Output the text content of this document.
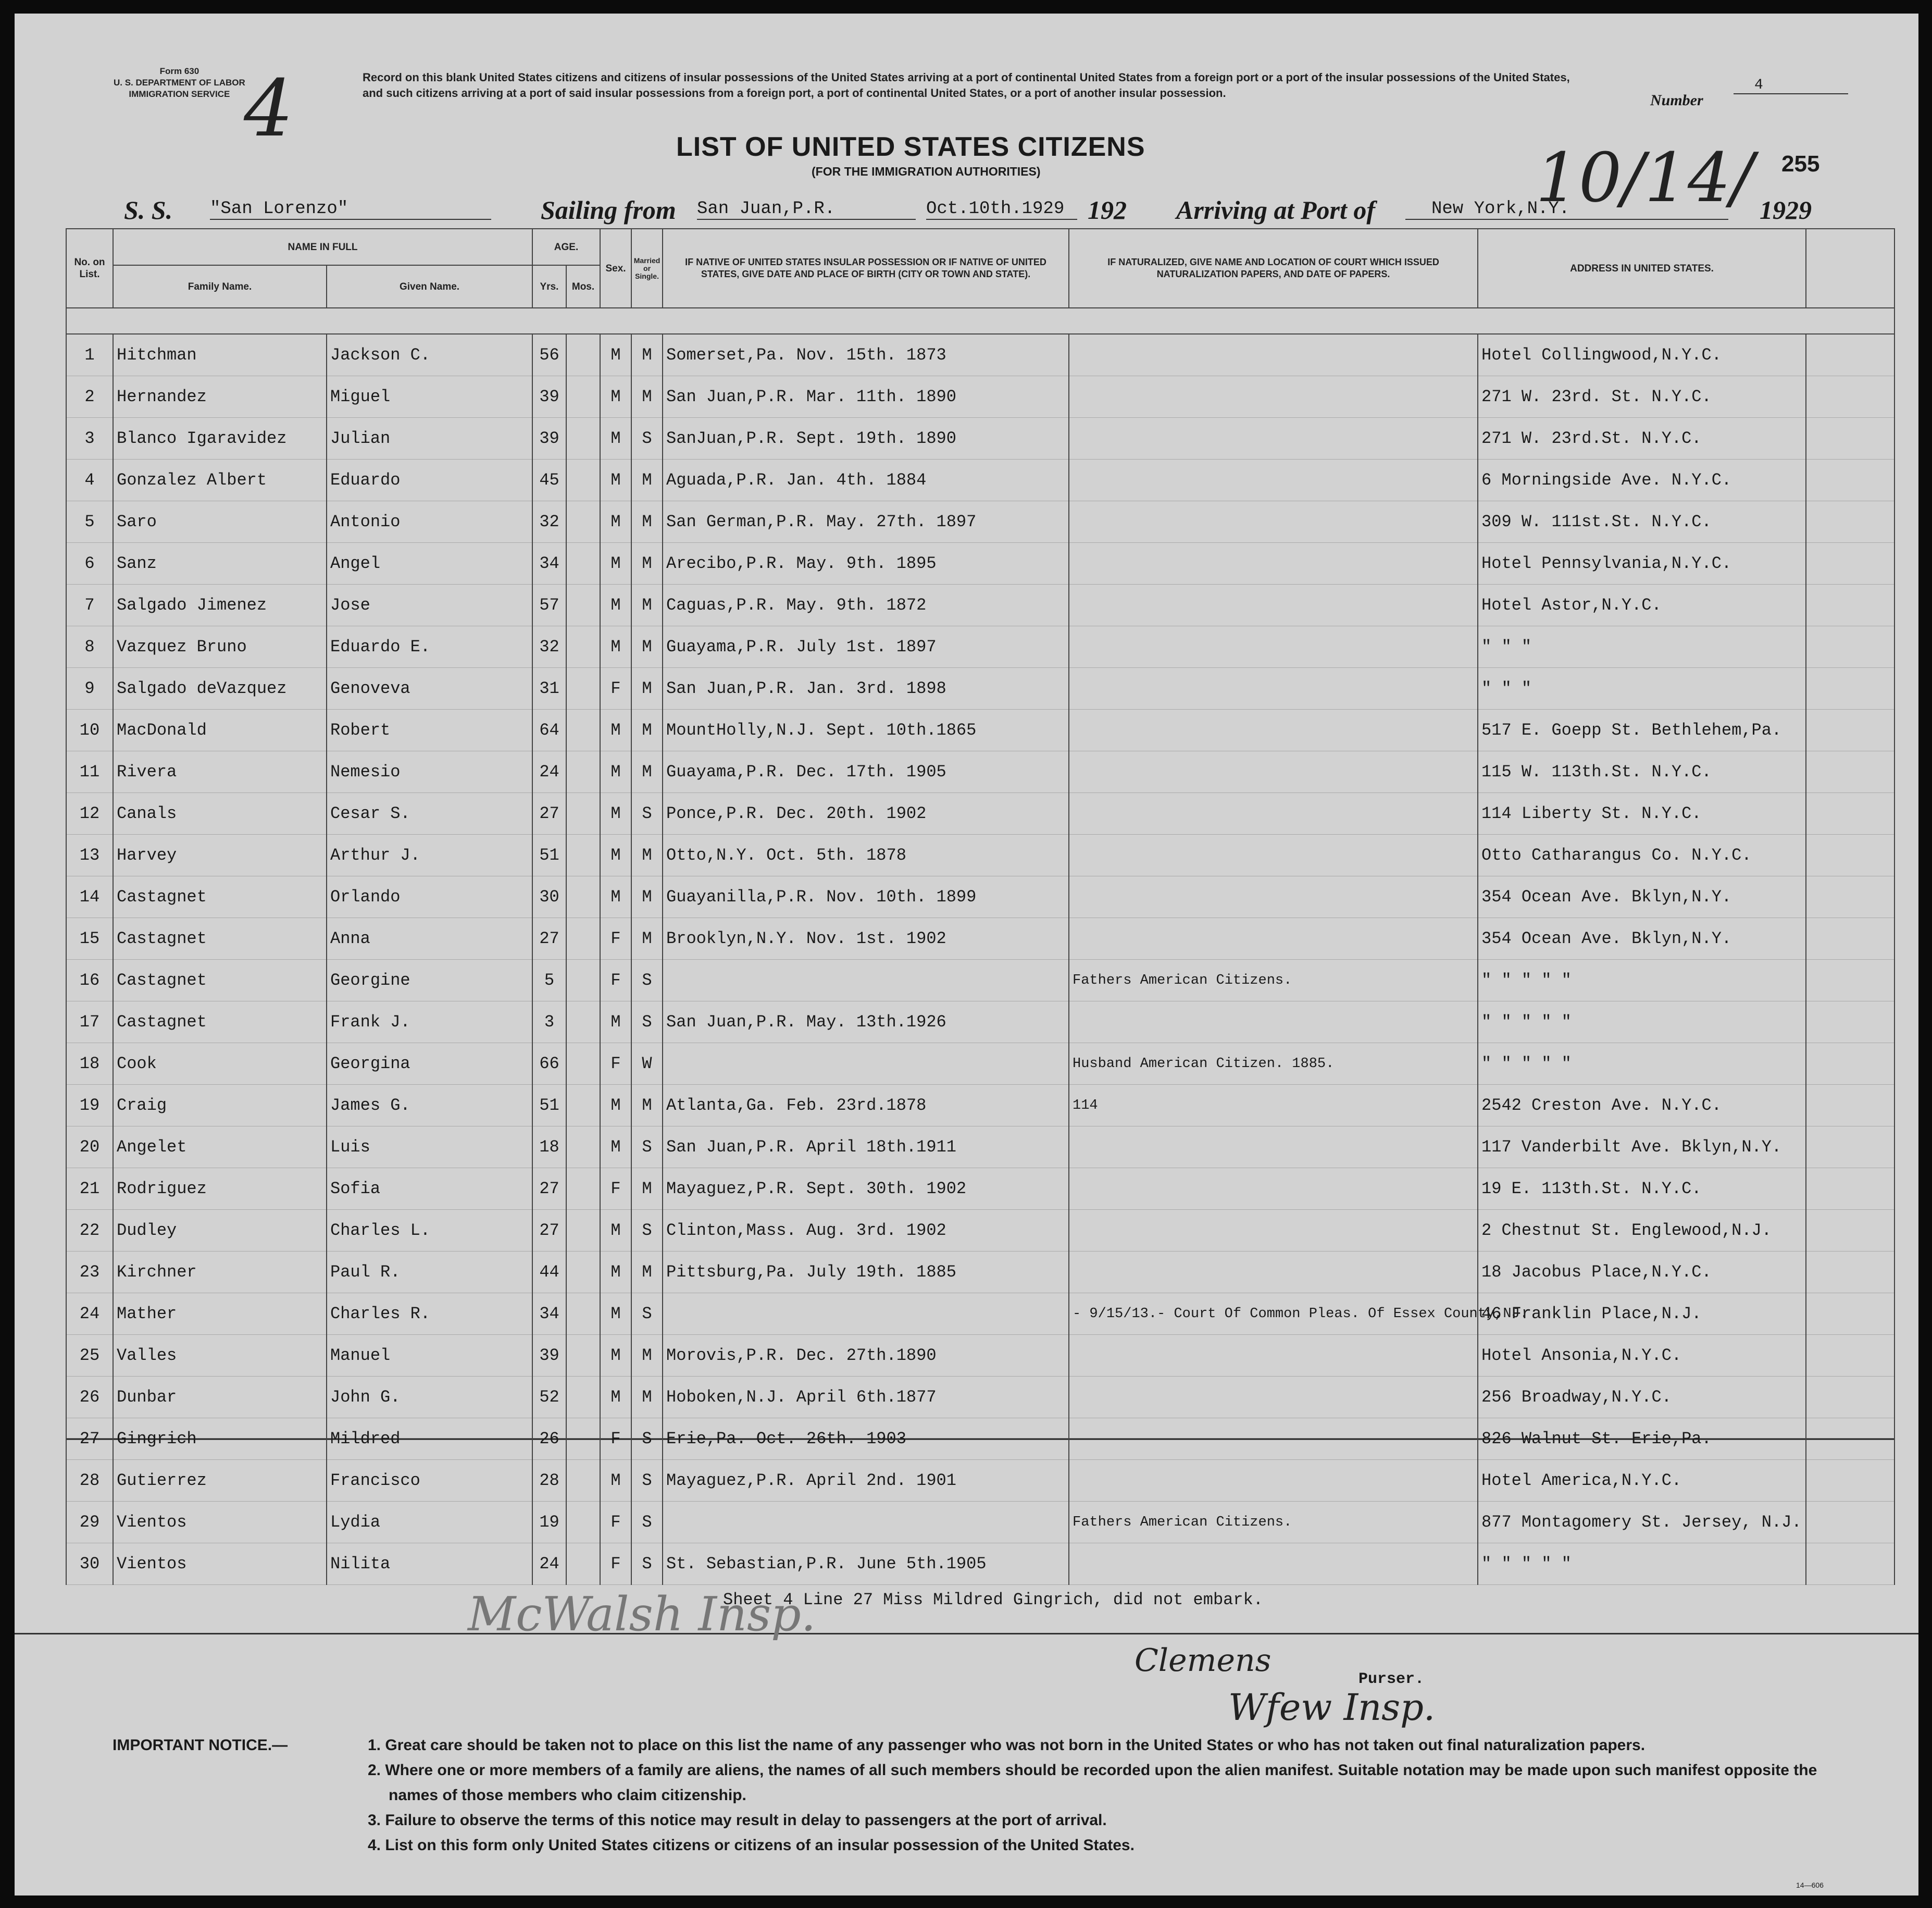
Form 630
U. S. DEPARTMENT OF LABOR
IMMIGRATION SERVICE 4	Record on this blank United States citizens and citizens of insular possessions of the United States arriving at a port of continental United States from a foreign port or a port of the insular possessions of the United States, and such citizens arriving at a port of said insular possessions from a foreign port, a port of continental United States, or a port of another insular possession.	Number
4
LIST OF UNITED STATES CITIZENS
(FOR THE IMMIGRATION AUTHORITIES)	255
10/14/
S. S. "San Lorenzo"	Sailing from San Juan,P.R.	Oct.10th.1929 192 Arriving at Port of	New York,N.Y.	1929
No. on List.	NAME IN FULL		AGE.		Sex.	Married or Single.	IF NATIVE OF UNITED STATES INSULAR POSSESSION OR IF NATIVE OF UNITED STATES, GIVE DATE AND PLACE OF BIRTH (CITY OR TOWN AND STATE).	IF NATURALIZED, GIVE NAME AND LOCATION OF COURT WHICH ISSUED NATURALIZATION PAPERS, AND DATE OF PAPERS.	ADDRESS IN UNITED STATES.	
	Family Name.	Given Name.	Yrs.	Mos.						

1	Hitchman	Jackson C.	56		M	M	Somerset,Pa. Nov. 15th. 1873		Hotel Collingwood,N.Y.C.	
2	Hernandez	Miguel	39		M	M	San Juan,P.R. Mar. 11th. 1890		271 W. 23rd. St. N.Y.C.	
3	Blanco Igaravidez	Julian	39		M	S	SanJuan,P.R. Sept. 19th. 1890		271 W. 23rd.St. N.Y.C.	
4	Gonzalez Albert	Eduardo	45		M	M	Aguada,P.R. Jan. 4th. 1884		6 Morningside Ave. N.Y.C.	
5	Saro	Antonio	32		M	M	San German,P.R. May. 27th. 1897		309 W. 111st.St. N.Y.C.	
6	Sanz	Angel	34		M	M	Arecibo,P.R. May. 9th. 1895		Hotel Pennsylvania,N.Y.C.	
7	Salgado Jimenez	Jose	57		M	M	Caguas,P.R. May. 9th. 1872		Hotel Astor,N.Y.C.	
8	Vazquez Bruno	Eduardo E.	32		M	M	Guayama,P.R. July 1st. 1897		" " "	
9	Salgado deVazquez	Genoveva	31		F	M	San Juan,P.R. Jan. 3rd. 1898		" " "	
10	MacDonald	Robert	64		M	M	MountHolly,N.J. Sept. 10th.1865		517 E. Goepp St. Bethlehem,Pa.	
11	Rivera	Nemesio	24		M	M	Guayama,P.R. Dec. 17th. 1905		115 W. 113th.St. N.Y.C.	
12	Canals	Cesar S.	27		M	S	Ponce,P.R. Dec. 20th. 1902		114 Liberty St. N.Y.C.	
13	Harvey	Arthur J.	51		M	M	Otto,N.Y. Oct. 5th. 1878		Otto Catharangus Co. N.Y.C.	
14	Castagnet	Orlando	30		M	M	Guayanilla,P.R. Nov. 10th. 1899		354 Ocean Ave. Bklyn,N.Y.	
15	Castagnet	Anna	27		F	M	Brooklyn,N.Y. Nov. 1st. 1902		354 Ocean Ave. Bklyn,N.Y.	
16	Castagnet	Georgine	5		F	S		Fathers American Citizens.	" " " " "	
17	Castagnet	Frank J.	3		M	S	San Juan,P.R. May. 13th.1926		" " " " "	
18	Cook	Georgina	66		F	W		Husband American Citizen. 1885.	" " " " "	
19	Craig	James G.	51		M	M	Atlanta,Ga. Feb. 23rd.1878	114	2542 Creston Ave. N.Y.C.	
20	Angelet	Luis	18		M	S	San Juan,P.R. April 18th.1911		117 Vanderbilt Ave. Bklyn,N.Y.	
21	Rodriguez	Sofia	27		F	M	Mayaguez,P.R. Sept. 30th. 1902		19 E. 113th.St. N.Y.C.	
22	Dudley	Charles L.	27		M	S	Clinton,Mass. Aug. 3rd. 1902		2 Chestnut St. Englewood,N.J.	
23	Kirchner	Paul R.	44		M	M	Pittsburg,Pa. July 19th. 1885		18 Jacobus Place,N.Y.C.	
24	Mather	Charles R.	34		M	S		- 9/15/13.- Court Of Common Pleas. Of Essex County,NJ.	46 Franklin Place,N.J.	
25	Valles	Manuel	39		M	M	Morovis,P.R. Dec. 27th.1890		Hotel Ansonia,N.Y.C.	
26	Dunbar	John G.	52		M	M	Hoboken,N.J. April 6th.1877		256 Broadway,N.Y.C.	
27	Gingrich	Mildred	26		F	S	Erie,Pa. Oct. 26th. 1903		826 Walnut St. Erie,Pa.	
28	Gutierrez	Francisco	28		M	S	Mayaguez,P.R. April 2nd. 1901		Hotel America,N.Y.C.	
29	Vientos	Lydia	19		F	S		Fathers American Citizens.	877 Montagomery St. Jersey, N.J.	
30	Vientos	Nilita	24		F	S	St. Sebastian,P.R. June 5th.1905		" " " " "	
Sheet 4 Line 27 Miss Mildred Gingrich, did not embark.
McWalsh Insp.
Clemens
Purser.
Wfew Insp.
IMPORTANT NOTICE.—	1. Great care should be taken not to place on this list the name of any passenger who was not born in the United States or who has not taken out final naturalization papers.
2. Where one or more members of a family are aliens, the names of all such members should be recorded upon the alien manifest. Suitable notation may be made upon such manifest opposite the names of those members who claim citizenship.
3. Failure to observe the terms of this notice may result in delay to passengers at the port of arrival.
4. List on this form only United States citizens or citizens of an insular possession of the United States.
14—606
